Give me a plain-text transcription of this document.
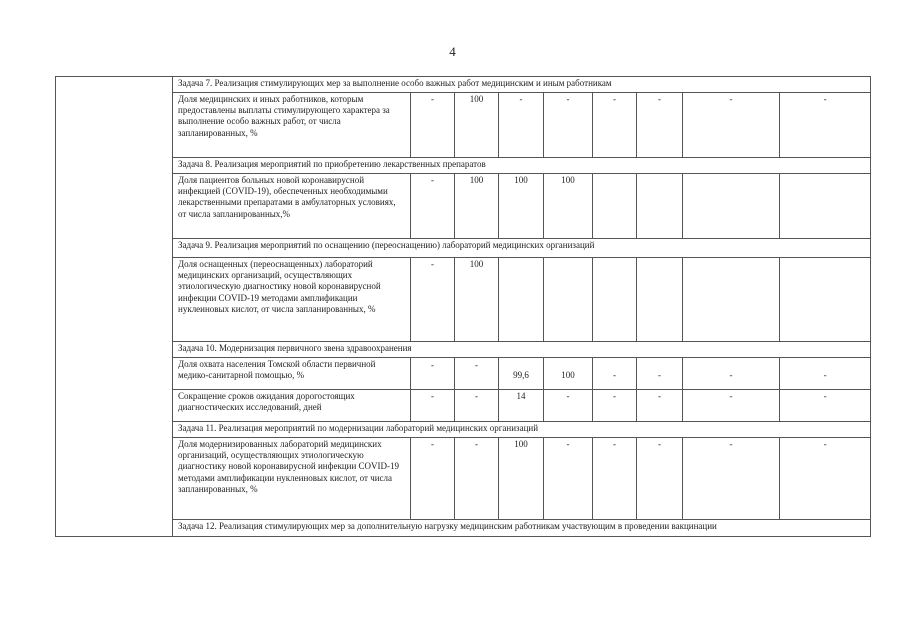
4
	Задача 7. Реализация стимулирующих мер за выполнение особо важных работ медицинским и иным работникам								
	Доля медицинских и иных работников, которым предоставлены выплаты стимулирующего характера за выполнение особо важных работ, от числа запланированных, %	-	100	-	-	-	-	-	-
	Задача 8. Реализация мероприятий по приобретению лекарственных препаратов								
	Доля пациентов больных новой коронавирусной инфекцией (COVID-19), обеспеченных необходимыми лекарственными препаратами в амбулаторных условиях, от числа запланированных,%	-	100	100	100				
	Задача 9. Реализация мероприятий по оснащению (переоснащению) лабораторий медицинских организаций								
	Доля оснащенных (переоснащенных) лабораторий медицинских организаций, осуществляющих этиологическую диагностику новой коронавирусной инфекции COVID-19 методами амплификации нуклеиновых кислот, от числа запланированных, %	-	100						
	Задача 10. Модернизация первичного звена здравоохранения								
	Доля охвата населения Томской области первичной медико-санитарной помощью, %	-	-	99,6	100	-	-	-	-
	Сокращение сроков ожидания дорогостоящих диагностических исследований, дней	-	-	14	-	-	-	-	-
	Задача 11. Реализация мероприятий по модернизации лабораторий медицинских организаций								
	Доля модернизированных лабораторий медицинских организаций, осуществляющих этиологическую диагностику новой коронавирусной инфекции COVID-19 методами амплификации нуклеиновых кислот, от числа запланированных, %	-	-	100	-	-	-	-	-
	Задача 12. Реализация стимулирующих мер за дополнительную нагрузку медицинским работникам участвующим в проведении вакцинации								
